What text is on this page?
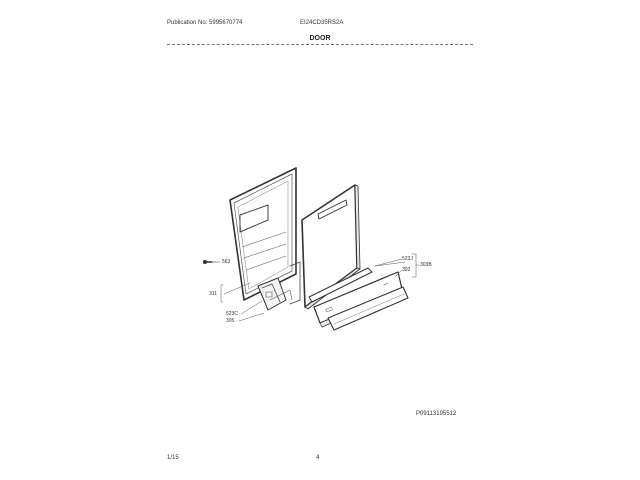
Publication No: 5995670774	EI24CD35RS2A
DOOR
563
311
523C
305
523J
303
303B
P09113195512
1/15	4
